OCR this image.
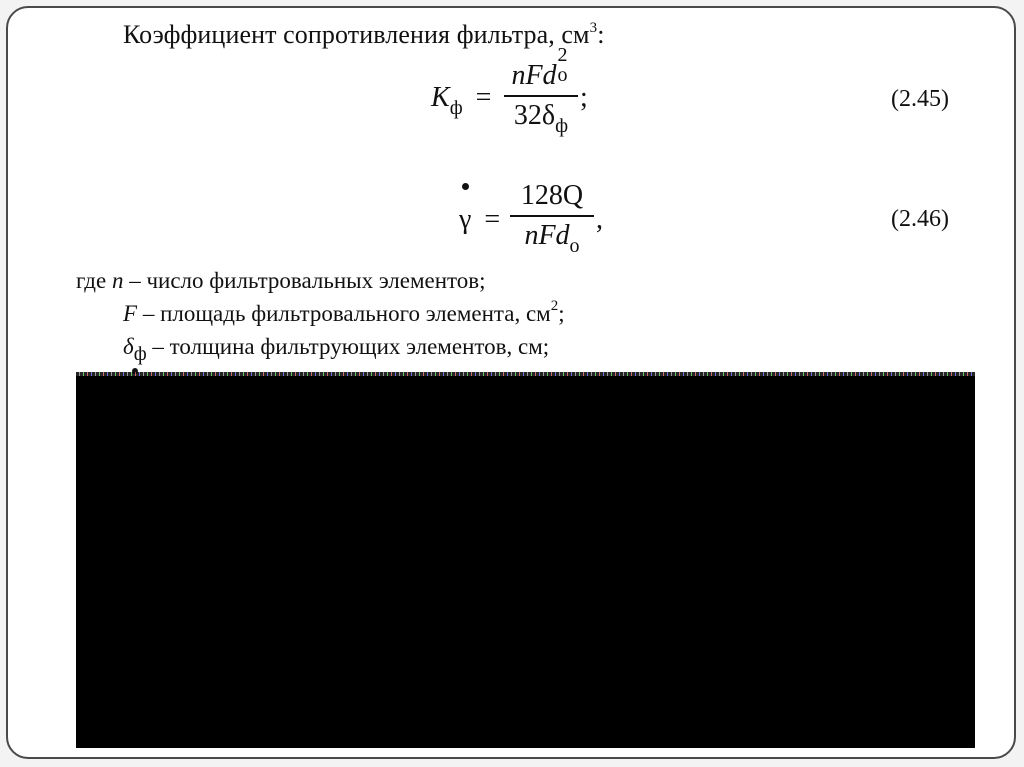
Коэффициент сопротивления фильтра, $см^3$:
$K_ф$ =
nFd
2
о
$32\delta_ф$
;	(2.45)
γ =
128Q
nFd$_о$
,	(2.46)
где n – число фильтровальных элементов;
F – площадь фильтровального элемента, $см^2$;
δф – толщина фильтрующих элементов, см;
